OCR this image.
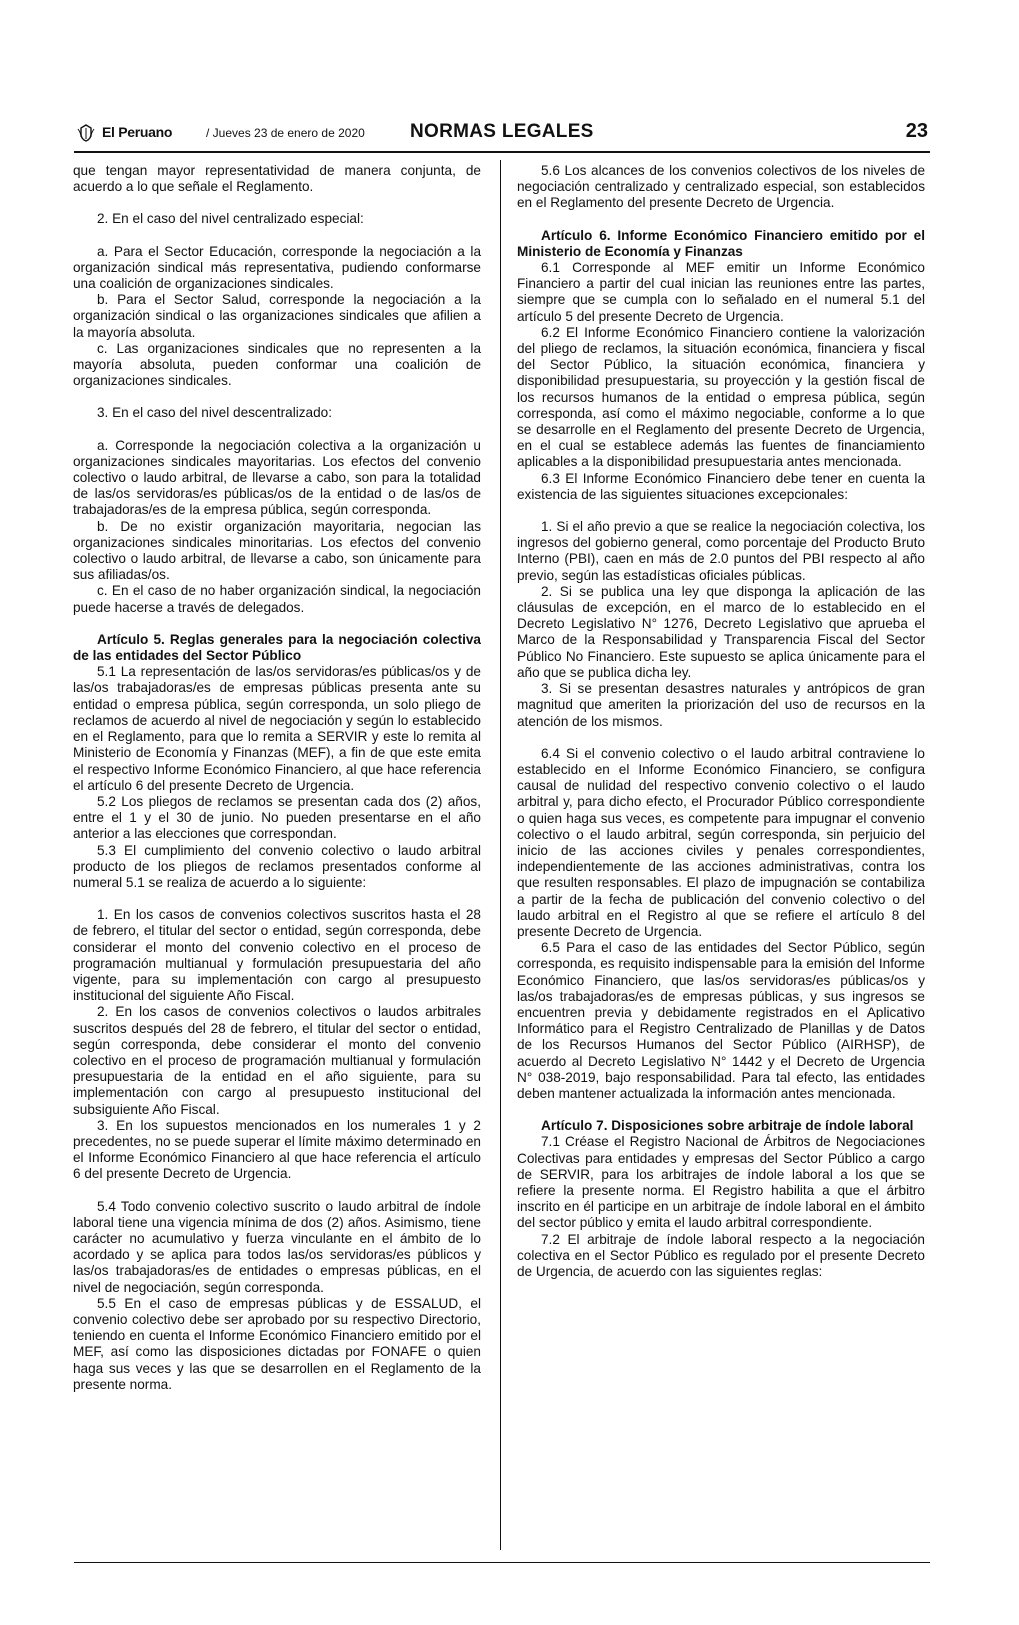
El Peruano	/ Jueves 23 de enero de 2020 NORMAS LEGALES	23

que tengan mayor representatividad de manera conjunta, de acuerdo a lo que señale el Reglamento.

2. En el caso del nivel centralizado especial:

a. Para el Sector Educación, corresponde la negociación a la organización sindical más representativa, pudiendo conformarse una coalición de organizaciones sindicales.

b. Para el Sector Salud, corresponde la negociación a la organización sindical o las organizaciones sindicales que afilien a la mayoría absoluta.

c. Las organizaciones sindicales que no representen a la mayoría absoluta, pueden conformar una coalición de organizaciones sindicales.

3. En el caso del nivel descentralizado:

a. Corresponde la negociación colectiva a la organización u organizaciones sindicales mayoritarias. Los efectos del convenio colectivo o laudo arbitral, de llevarse a cabo, son para la totalidad de las/os servidoras/es públicas/os de la entidad o de las/os de trabajadoras/es de la empresa pública, según corresponda.

b. De no existir organización mayoritaria, negocian las organizaciones sindicales minoritarias. Los efectos del convenio colectivo o laudo arbitral, de llevarse a cabo, son únicamente para sus afiliadas/os.

c. En el caso de no haber organización sindical, la negociación puede hacerse a través de delegados.

Artículo 5. Reglas generales para la negociación colectiva de las entidades del Sector Público

5.1 La representación de las/os servidoras/es públicas/os y de las/os trabajadoras/es de empresas públicas presenta ante su entidad o empresa pública, según corresponda, un solo pliego de reclamos de acuerdo al nivel de negociación y según lo establecido en el Reglamento, para que lo remita a SERVIR y este lo remita al Ministerio de Economía y Finanzas (MEF), a fin de que este emita el respectivo Informe Económico Financiero, al que hace referencia el artículo 6 del presente Decreto de Urgencia.

5.2 Los pliegos de reclamos se presentan cada dos (2) años, entre el 1 y el 30 de junio. No pueden presentarse en el año anterior a las elecciones que correspondan.

5.3 El cumplimiento del convenio colectivo o laudo arbitral producto de los pliegos de reclamos presentados conforme al numeral 5.1 se realiza de acuerdo a lo siguiente:

1. En los casos de convenios colectivos suscritos hasta el 28 de febrero, el titular del sector o entidad, según corresponda, debe considerar el monto del convenio colectivo en el proceso de programación multianual y formulación presupuestaria del año vigente, para su implementación con cargo al presupuesto institucional del siguiente Año Fiscal.

2. En los casos de convenios colectivos o laudos arbitrales suscritos después del 28 de febrero, el titular del sector o entidad, según corresponda, debe considerar el monto del convenio colectivo en el proceso de programación multianual y formulación presupuestaria de la entidad en el año siguiente, para su implementación con cargo al presupuesto institucional del subsiguiente Año Fiscal.

3. En los supuestos mencionados en los numerales 1 y 2 precedentes, no se puede superar el límite máximo determinado en el Informe Económico Financiero al que hace referencia el artículo 6 del presente Decreto de Urgencia.

5.4 Todo convenio colectivo suscrito o laudo arbitral de índole laboral tiene una vigencia mínima de dos (2) años. Asimismo, tiene carácter no acumulativo y fuerza vinculante en el ámbito de lo acordado y se aplica para todos las/os servidoras/es públicos y las/os trabajadoras/es de entidades o empresas públicas, en el nivel de negociación, según corresponda.

5.5 En el caso de empresas públicas y de ESSALUD, el convenio colectivo debe ser aprobado por su respectivo Directorio, teniendo en cuenta el Informe Económico Financiero emitido por el MEF, así como las disposiciones dictadas por FONAFE o quien haga sus veces y las que se desarrollen en el Reglamento de la presente norma.

5.6 Los alcances de los convenios colectivos de los niveles de negociación centralizado y centralizado especial, son establecidos en el Reglamento del presente Decreto de Urgencia.

Artículo 6. Informe Económico Financiero emitido por el Ministerio de Economía y Finanzas

6.1 Corresponde al MEF emitir un Informe Económico Financiero a partir del cual inician las reuniones entre las partes, siempre que se cumpla con lo señalado en el numeral 5.1 del artículo 5 del presente Decreto de Urgencia.

6.2 El Informe Económico Financiero contiene la valorización del pliego de reclamos, la situación económica, financiera y fiscal del Sector Público, la situación económica, financiera y disponibilidad presupuestaria, su proyección y la gestión fiscal de los recursos humanos de la entidad o empresa pública, según corresponda, así como el máximo negociable, conforme a lo que se desarrolle en el Reglamento del presente Decreto de Urgencia, en el cual se establece además las fuentes de financiamiento aplicables a la disponibilidad presupuestaria antes mencionada.

6.3 El Informe Económico Financiero debe tener en cuenta la existencia de las siguientes situaciones excepcionales:

1. Si el año previo a que se realice la negociación colectiva, los ingresos del gobierno general, como porcentaje del Producto Bruto Interno (PBI), caen en más de 2.0 puntos del PBI respecto al año previo, según las estadísticas oficiales públicas.

2. Si se publica una ley que disponga la aplicación de las cláusulas de excepción, en el marco de lo establecido en el Decreto Legislativo N° 1276, Decreto Legislativo que aprueba el Marco de la Responsabilidad y Transparencia Fiscal del Sector Público No Financiero. Este supuesto se aplica únicamente para el año que se publica dicha ley.

3. Si se presentan desastres naturales y antrópicos de gran magnitud que ameriten la priorización del uso de recursos en la atención de los mismos.

6.4 Si el convenio colectivo o el laudo arbitral contraviene lo establecido en el Informe Económico Financiero, se configura causal de nulidad del respectivo convenio colectivo o el laudo arbitral y, para dicho efecto, el Procurador Público correspondiente o quien haga sus veces, es competente para impugnar el convenio colectivo o el laudo arbitral, según corresponda, sin perjuicio del inicio de las acciones civiles y penales correspondientes, independientemente de las acciones administrativas, contra los que resulten responsables. El plazo de impugnación se contabiliza a partir de la fecha de publicación del convenio colectivo o del laudo arbitral en el Registro al que se refiere el artículo 8 del presente Decreto de Urgencia.

6.5 Para el caso de las entidades del Sector Público, según corresponda, es requisito indispensable para la emisión del Informe Económico Financiero, que las/os servidoras/es públicas/os y las/os trabajadoras/es de empresas públicas, y sus ingresos se encuentren previa y debidamente registrados en el Aplicativo Informático para el Registro Centralizado de Planillas y de Datos de los Recursos Humanos del Sector Público (AIRHSP), de acuerdo al Decreto Legislativo N° 1442 y el Decreto de Urgencia N° 038-2019, bajo responsabilidad. Para tal efecto, las entidades deben mantener actualizada la información antes mencionada.

Artículo 7. Disposiciones sobre arbitraje de índole laboral

7.1 Créase el Registro Nacional de Árbitros de Negociaciones Colectivas para entidades y empresas del Sector Público a cargo de SERVIR, para los arbitrajes de índole laboral a los que se refiere la presente norma. El Registro habilita a que el árbitro inscrito en él participe en un arbitraje de índole laboral en el ámbito del sector público y emita el laudo arbitral correspondiente.

7.2 El arbitraje de índole laboral respecto a la negociación colectiva en el Sector Público es regulado por el presente Decreto de Urgencia, de acuerdo con las siguientes reglas:
